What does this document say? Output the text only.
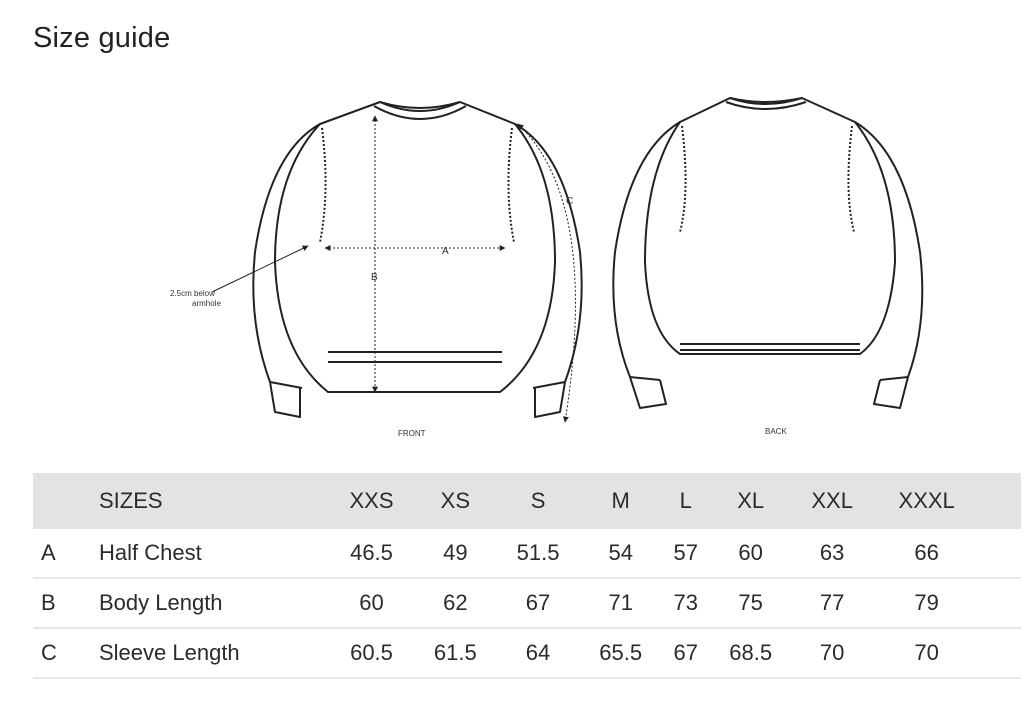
Size guide
A
B
C
2.5cm below
armhole
FRONT	BACK
	SIZES	XXS	XS	S	M	L	XL	XXL	XXXL	
A	Half Chest	46.5	49	51.5	54	57	60	63	66	
B	Body Length	60	62	67	71	73	75	77	79	
C	Sleeve Length	60.5	61.5	64	65.5	67	68.5	70	70	
